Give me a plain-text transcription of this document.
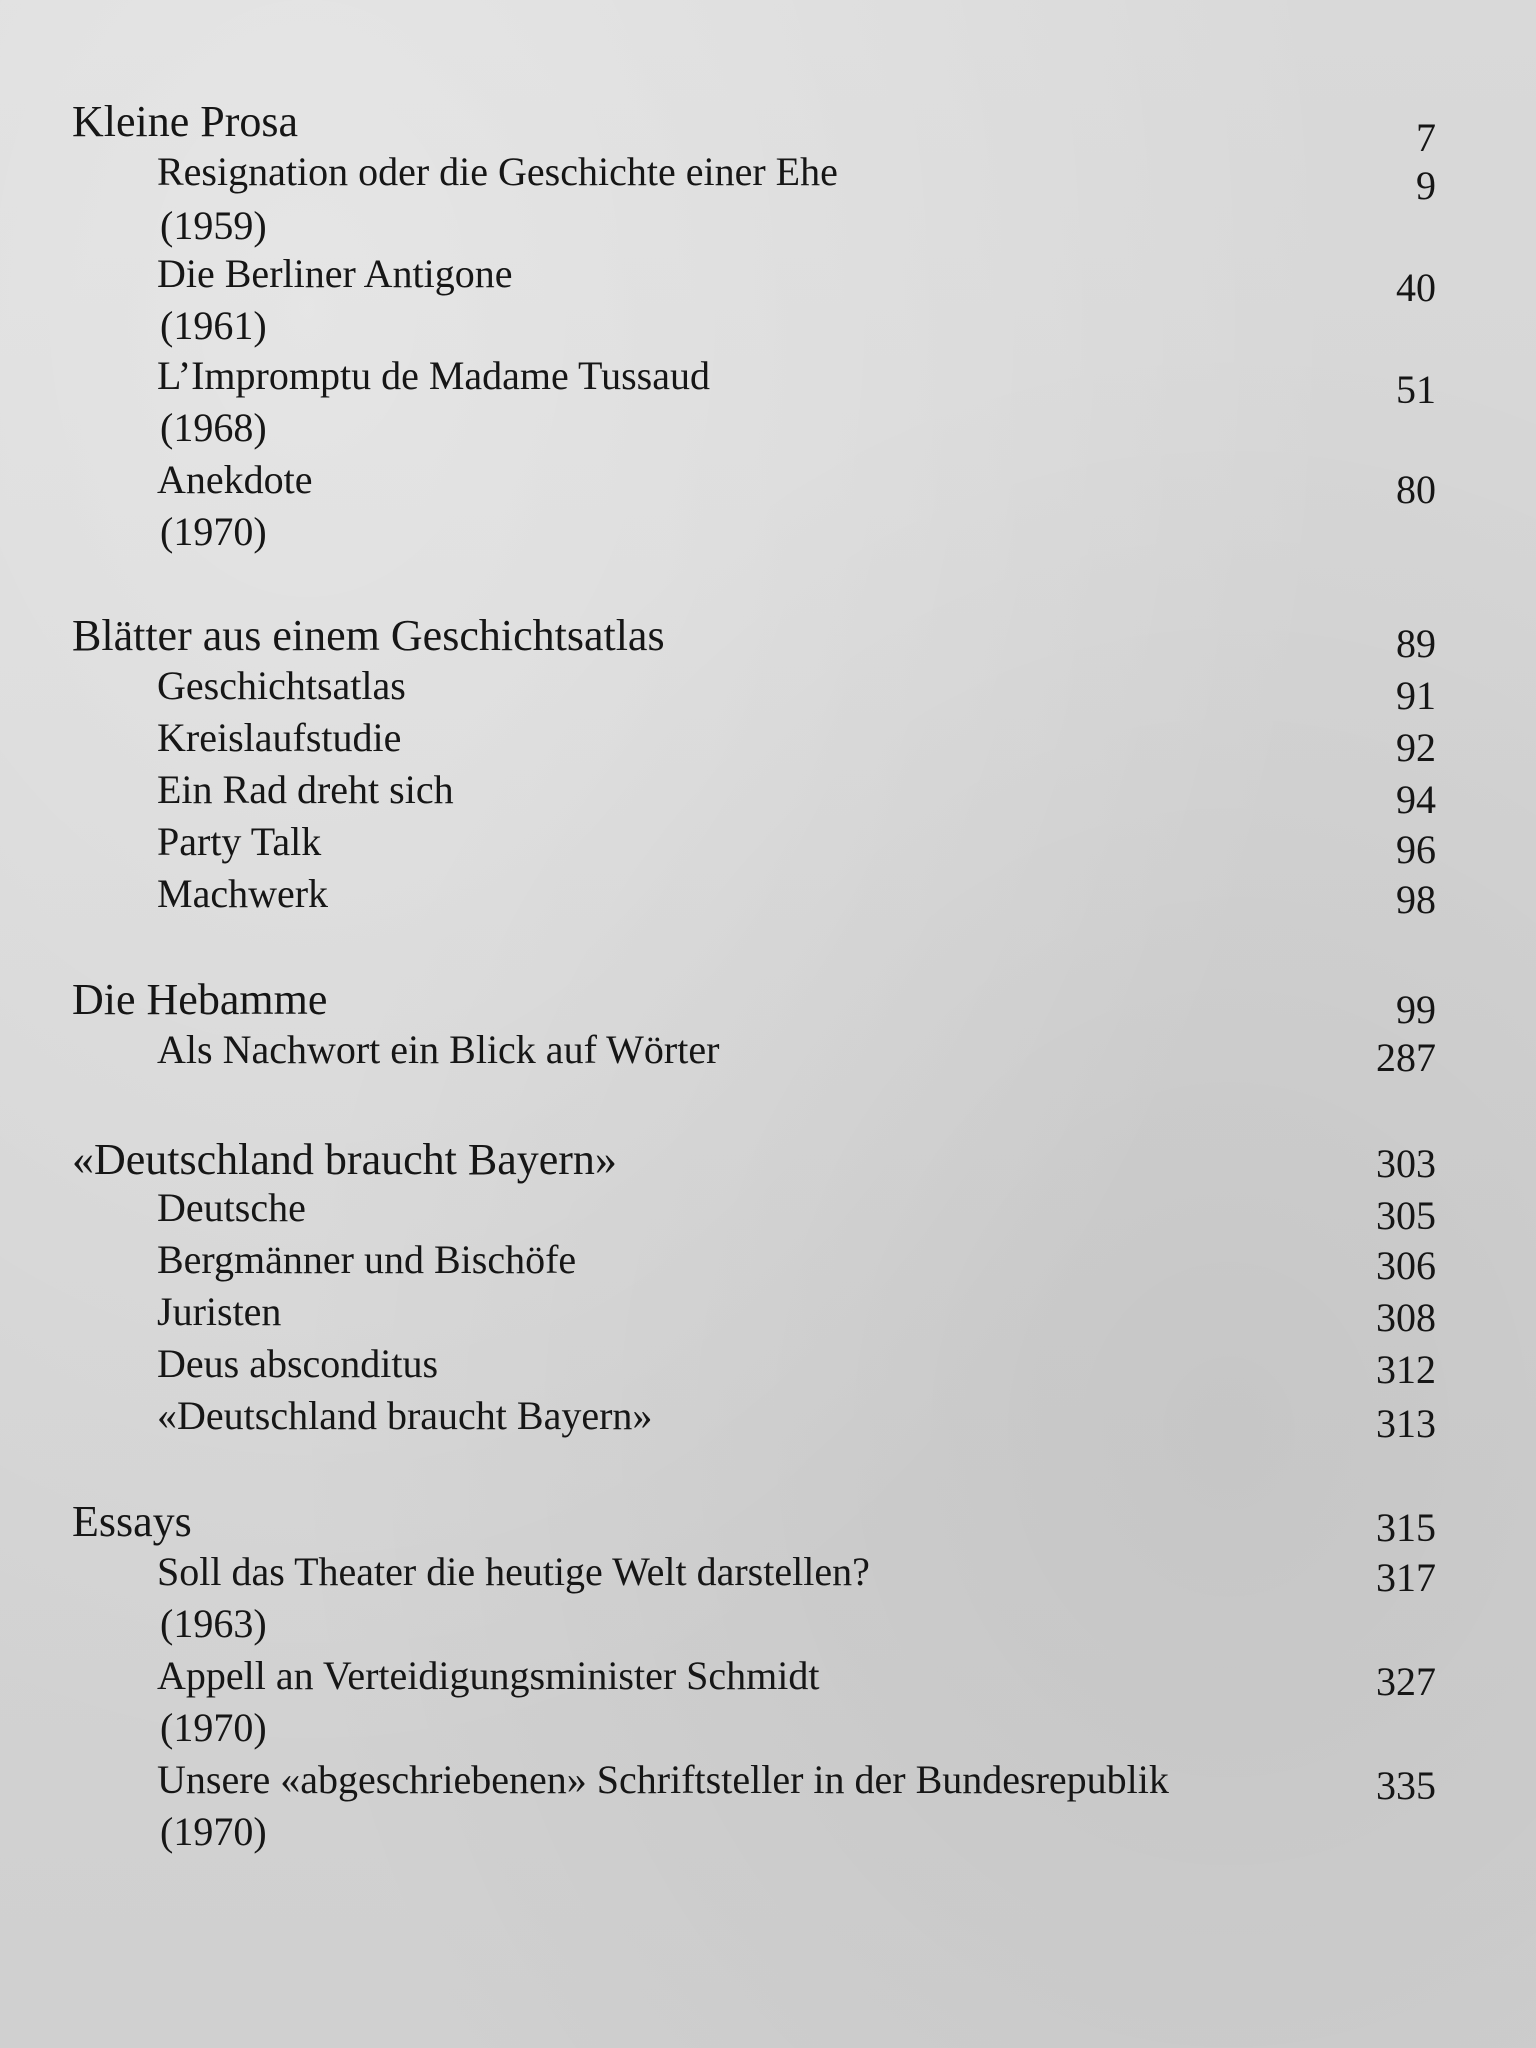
Kleine Prosa	7
Resignation oder die Geschichte einer Ehe	9
(1959)
Die Berliner Antigone	40
(1961)
L’Impromptu de Madame Tussaud	51
(1968)
Anekdote	80
(1970)
Blätter aus einem Geschichtsatlas	89
Geschichtsatlas	91
Kreislaufstudie	92
Ein Rad dreht sich	94
Party Talk	96
Machwerk	98
Die Hebamme	99
Als Nachwort ein Blick auf Wörter	287
«Deutschland braucht Bayern»	303
Deutsche	305
Bergmänner und Bischöfe	306
Juristen	308
Deus absconditus	312
«Deutschland braucht Bayern»	313
Essays	315
Soll das Theater die heutige Welt darstellen?	317
(1963)
Appell an Verteidigungsminister Schmidt	327
(1970)
Unsere «abgeschriebenen» Schriftsteller in der Bundesrepublik	335
(1970)
